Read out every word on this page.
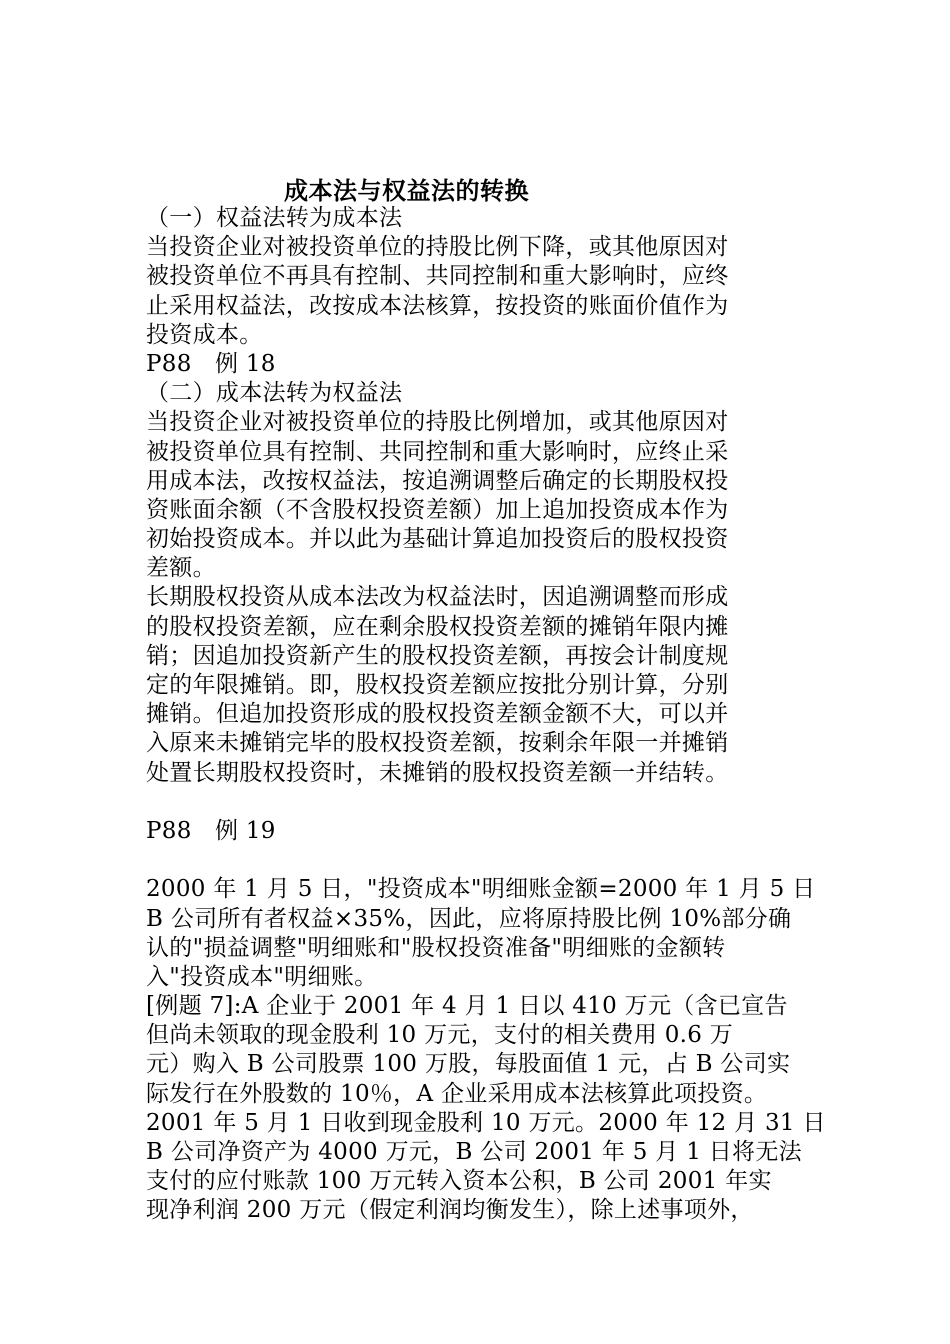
成本法与权益法的转换
（一）权益法转为成本法
当投资企业对被投资单位的持股比例下降，或其他原因对
被投资单位不再具有控制、共同控制和重大影响时，应终
止采用权益法，改按成本法核算，按投资的账面价值作为
投资成本。
P88　例 18
（二）成本法转为权益法
当投资企业对被投资单位的持股比例增加，或其他原因对
被投资单位具有控制、共同控制和重大影响时，应终止采
用成本法，改按权益法，按追溯调整后确定的长期股权投
资账面余额（不含股权投资差额）加上追加投资成本作为
初始投资成本。并以此为基础计算追加投资后的股权投资
差额。
长期股权投资从成本法改为权益法时，因追溯调整而形成
的股权投资差额，应在剩余股权投资差额的摊销年限内摊
销；因追加投资新产生的股权投资差额，再按会计制度规
定的年限摊销。即，股权投资差额应按批分别计算，分别
摊销。但追加投资形成的股权投资差额金额不大，可以并
入原来未摊销完毕的股权投资差额，按剩余年限一并摊销
处置长期股权投资时，未摊销的股权投资差额一并结转。
P88　例 19
2000 年 1 月 5 日，"投资成本"明细账金额=2000 年 1 月 5 日
B 公司所有者权益×35%，因此，应将原持股比例 10%部分确
认的"损益调整"明细账和"股权投资准备"明细账的金额转
入"投资成本"明细账。
[例题 7]:A 企业于 2001 年 4 月 1 日以 410 万元（含已宣告
但尚未领取的现金股利 10 万元，支付的相关费用 0.6 万
元）购入 B 公司股票 100 万股，每股面值 1 元，占 B 公司实
际发行在外股数的 10％，A 企业采用成本法核算此项投资。
2001 年 5 月 1 日收到现金股利 10 万元。2000 年 12 月 31 日
B 公司净资产为 4000 万元，B 公司 2001 年 5 月 1 日将无法
支付的应付账款 100 万元转入资本公积，B 公司 2001 年实
现净利润 200 万元（假定利润均衡发生），除上述事项外，
